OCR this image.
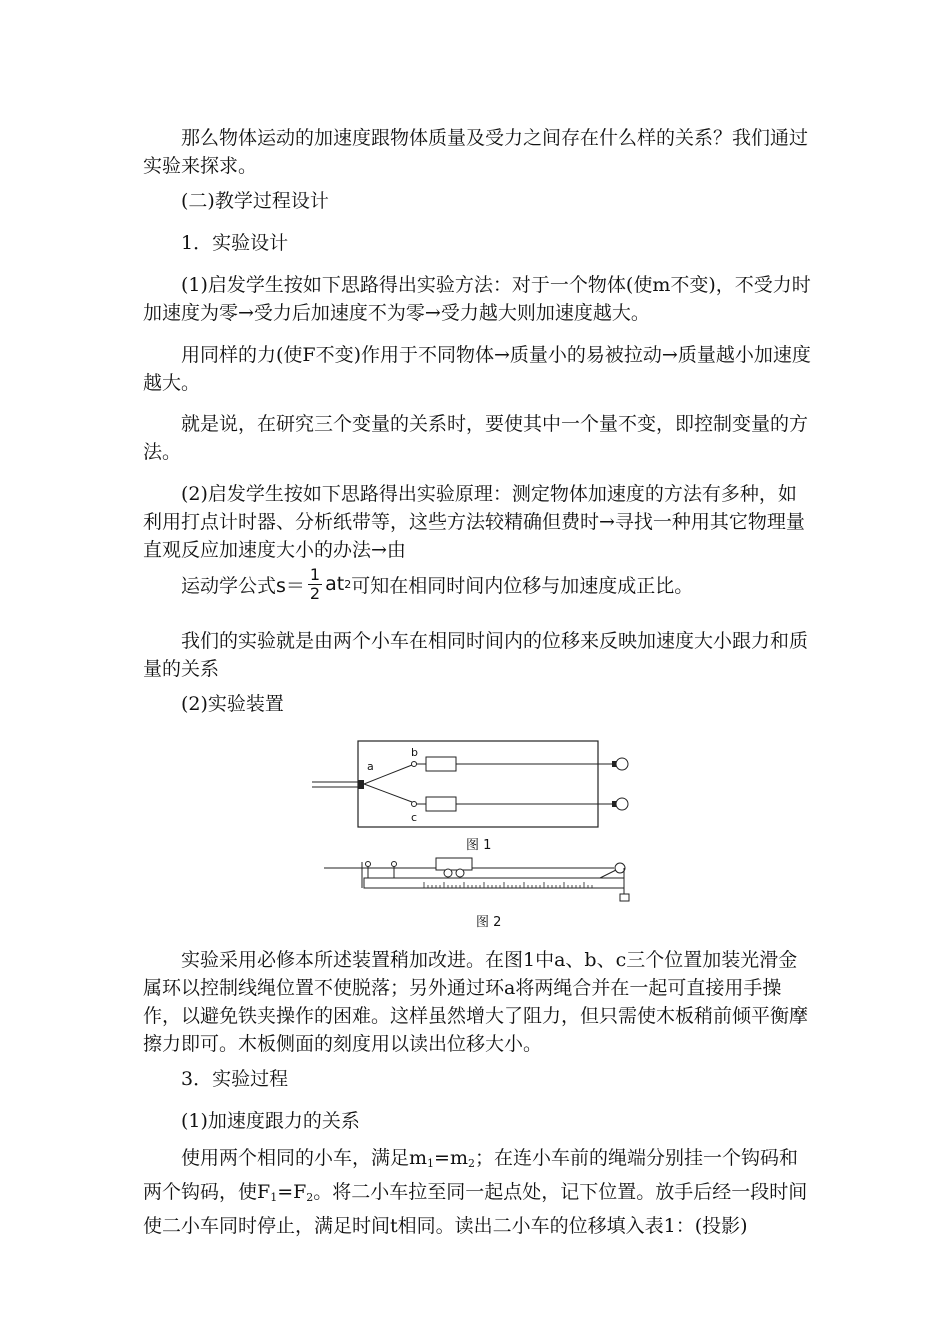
那么物体运动的加速度跟物体质量及受力之间存在什么样的关系？我们通过实验来探求。

(二)教学过程设计

1．实验设计

(1)启发学生按如下思路得出实验方法：对于一个物体(使m不变)，不受力时加速度为零→受力后加速度不为零→受力越大则加速度越大。

用同样的力(使F不变)作用于不同物体→质量小的易被拉动→质量越小加速度越大。

就是说，在研究三个变量的关系时，要使其中一个量不变，即控制变量的方法。

(2)启发学生按如下思路得出实验原理：测定物体加速度的方法有多种，如利用打点计时器、分析纸带等，这些方法较精确但费时→寻找一种用其它物理量直观反应加速度大小的办法→由

运动学公式$s= \frac{1}{2}$ at 2 可知在相同时间内位移与加速度成正比。

我们的实验就是由两个小车在相同时间内的位移来反映加速度大小跟力和质量的关系

(2)实验装置

a
b
c
图 1
图 2

实验采用必修本所述装置稍加改进。在图1中a、b、c三个位置加装光滑金属环以控制线绳位置不使脱落；另外通过环a将两绳合并在一起可直接用手操作，以避免铁夹操作的困难。这样虽然增大了阻力，但只需使木板稍前倾平衡摩擦力即可。木板侧面的刻度用以读出位移大小。

3．实验过程

(1)加速度跟力的关系

使用两个相同的小车，满足$m_1=m_2$；在连小车前的绳端分别挂一个钩码和两个钩码，使$F_1=F_2$。将二小车拉至同一起点处，记下位置。放手后经一段时间使二小车同时停止，满足时间t相同。读出二小车的位移填入表1：(投影)
